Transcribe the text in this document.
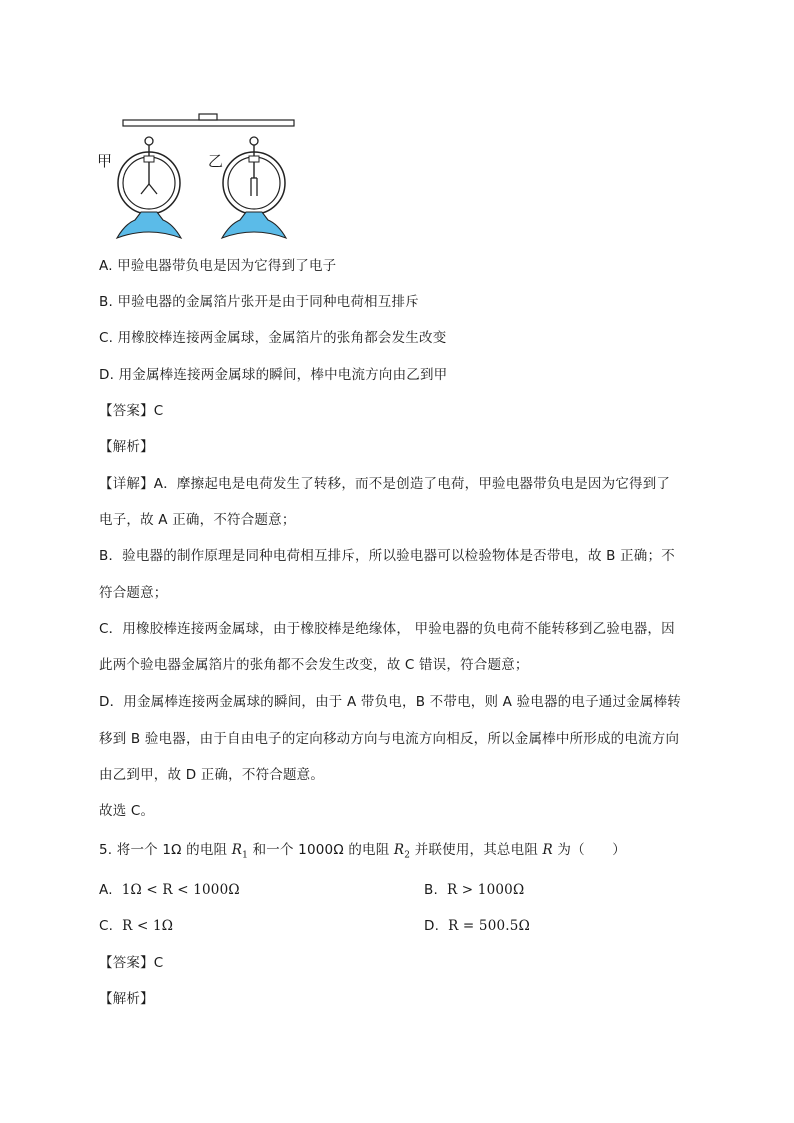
甲	乙
A. 甲验电器带负电是因为它得到了电子
B. 甲验电器的金属箔片张开是由于同种电荷相互排斥
C. 用橡胶棒连接两金属球，金属箔片的张角都会发生改变
D. 用金属棒连接两金属球的瞬间，棒中电流方向由乙到甲
【答案】C
【解析】
【详解】A．摩擦起电是电荷发生了转移，而不是创造了电荷，甲验电器带负电是因为它得到了
电子，故 A 正确，不符合题意；
B．验电器的制作原理是同种电荷相互排斥，所以验电器可以检验物体是否带电，故 B 正确；不
符合题意；
C．用橡胶棒连接两金属球，由于橡胶棒是绝缘体， 甲验电器的负电荷不能转移到乙验电器，因
此两个验电器金属箔片的张角都不会发生改变，故 C 错误，符合题意；
D．用金属棒连接两金属球的瞬间，由于 A 带负电，B 不带电，则 A 验电器的电子通过金属棒转
移到 B 验电器，由于自由电子的定向移动方向与电流方向相反，所以金属棒中所形成的电流方向
由乙到甲，故 D 正确，不符合题意。
故选 C。
5. 将一个 1Ω 的电阻 $R_1$ 和一个 1000Ω 的电阻 $R_2$ 并联使用，其总电阻 R 为（　　）
A. 1Ω < R < 1000Ω	B. R > 1000Ω
C. R < 1Ω	D. R = 500.5Ω
【答案】C
【解析】
